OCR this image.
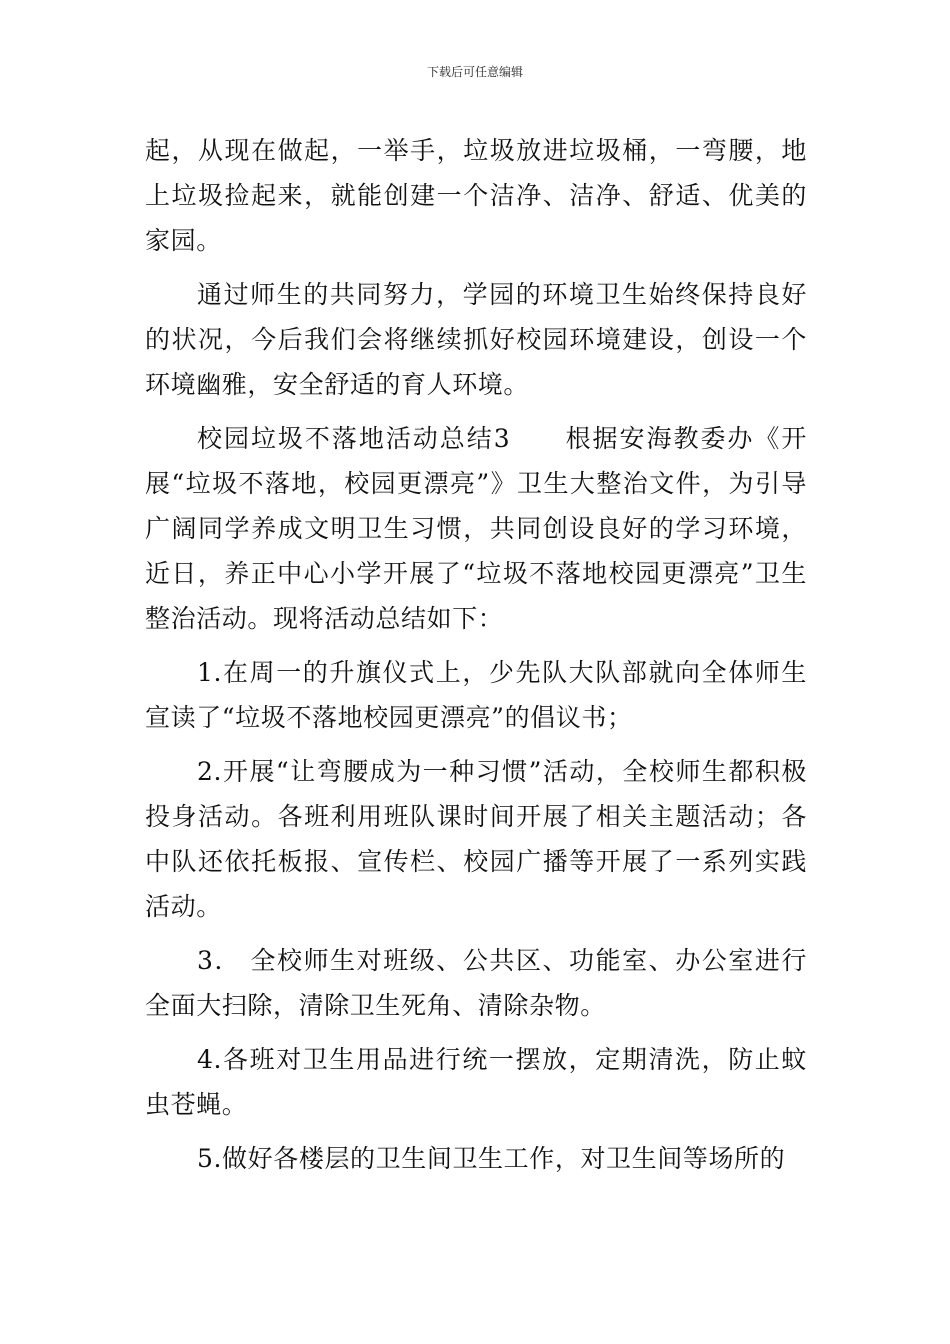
下载后可任意编辑

起，从现在做起，一举手，垃圾放进垃圾桶，一弯腰，地上垃圾捡起来，就能创建一个洁净、洁净、舒适、优美的家园。

通过师生的共同努力，学园的环境卫生始终保持良好的状况，今后我们会将继续抓好校园环境建设，创设一个环境幽雅，安全舒适的育人环境。

校园垃圾不落地活动总结3　　根据安海教委办《开展“垃圾不落地，校园更漂亮”》卫生大整治文件，为引导广阔同学养成文明卫生习惯，共同创设良好的学习环境，近日，养正中心小学开展了“垃圾不落地校园更漂亮”卫生整治活动。现将活动总结如下：

1.在周一的升旗仪式上，少先队大队部就向全体师生宣读了“垃圾不落地校园更漂亮”的倡议书；

2.开展“让弯腰成为一种习惯”活动，全校师生都积极投身活动。各班利用班队课时间开展了相关主题活动；各中队还依托板报、宣传栏、校园广播等开展了一系列实践活动。

3． 全校师生对班级、公共区、功能室、办公室进行全面大扫除，清除卫生死角、清除杂物。

4.各班对卫生用品进行统一摆放，定期清洗，防止蚊虫苍蝇。

5.做好各楼层的卫生间卫生工作，对卫生间等场所的
